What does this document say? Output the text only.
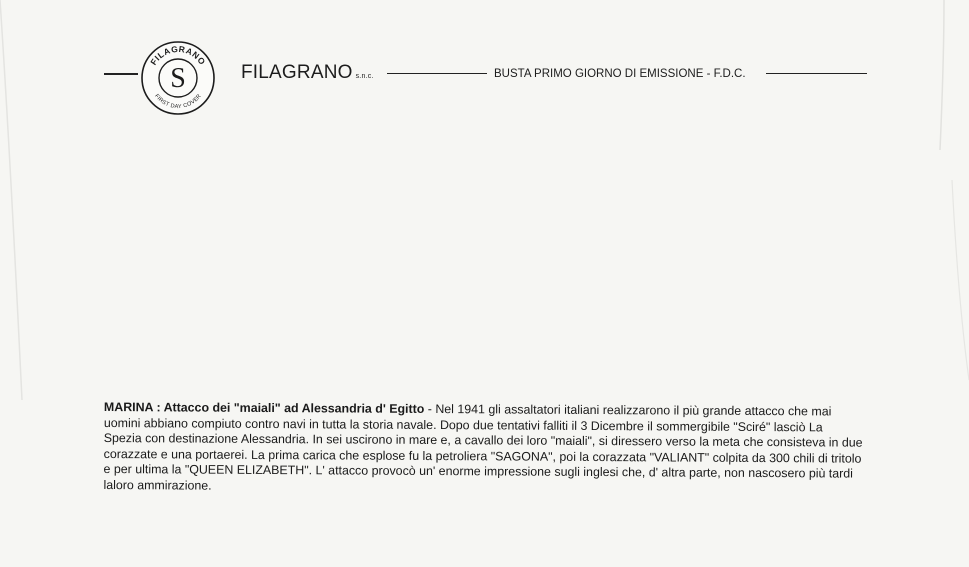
FILAGRANO
FIRST DAY COVER
S	FILAGRANO s.n.c.	BUSTA PRIMO GIORNO DI EMISSIONE - F.D.C.
MARINA : Attacco dei "maiali" ad Alessandria d' Egitto - Nel 1941 gli assaltatori italiani realizzarono il più grande attacco che mai uomini abbiano compiuto contro navi in tutta la storia navale. Dopo due tentativi falliti il 3 Dicembre il sommergibile "Sciré" lasciò La Spezia con destinazione Alessandria. In sei uscirono in mare e, a cavallo dei loro "maiali", si diressero verso la meta che consisteva in due corazzate e una portaerei. La prima carica che esplose fu la petroliera "SAGONA", poi la corazzata "VALIANT" colpita da 300 chili di tritolo e per ultima la "QUEEN ELIZABETH". L' attacco provocò un' enorme impressione sugli inglesi che, d' altra parte, non nascosero più tardi laloro ammirazione.
